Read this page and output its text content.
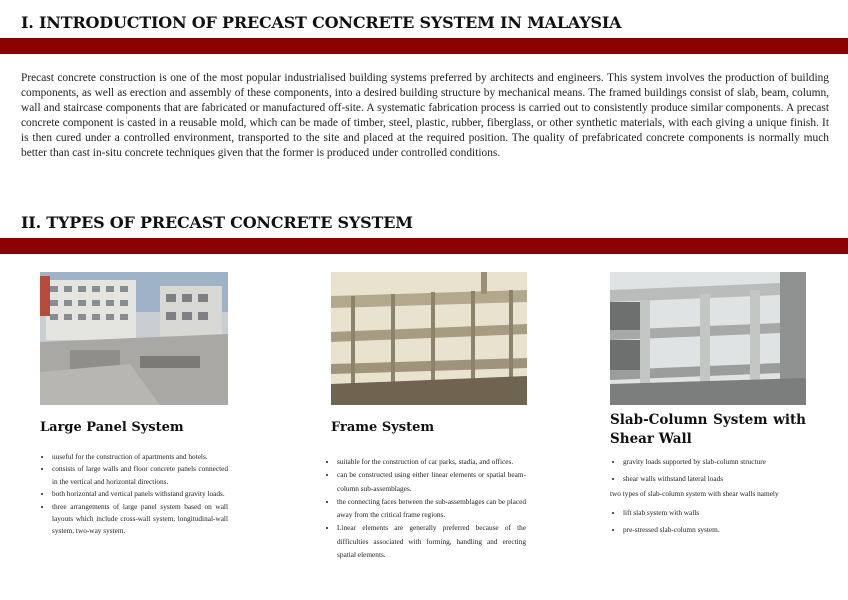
I. INTRODUCTION OF PRECAST CONCRETE SYSTEM IN MALAYSIA

Precast concrete construction is one of the most popular industrialised building systems preferred by architects and engineers. This system involves the production of building components, as well as erection and assembly of these components, into a desired building structure by mechanical means. The framed buildings consist of slab, beam, column, wall and staircase components that are fabricated or manufactured off-site. A systematic fabrication process is carried out to consistently produce similar components. A precast concrete component is casted in a reusable mold, which can be made of timber, steel, plastic, rubber, fiberglass, or other synthetic materials, with each giving a unique finish. It is then cured under a controlled environment, transported to the site and placed at the required position. The quality of prefabricated concrete components is normally much better than cast in-situ concrete techniques given that the former is produced under controlled conditions.

II. TYPES OF PRECAST CONCRETE SYSTEM
Large Panel System
• uuseful for the construction of apartments and hotels.
• consists of large walls and floor concrete panels connected in the vertical and horizontal directions.
• both horizontal and vertical panels withstand gravity loads.
• three arrangements of large panel system based on wall layouts which include cross-wall system, longitudinal-wall system, two-way system.
Frame System
• suitable for the construction of car parks, stadia, and offices.
• can be constructed using either linear elements or spatial beam-column sub-assemblages.
• the connecting faces between the sub-assemblages can be placed away from the critical frame regions.
• Linear elements are generally preferred because of the difficulties associated with forming, handling and erecting spatial elements.
Slab-Column System with
Shear Wall
• gravity loads supported by slab-column structure
• shear walls withstand lateral loads

two types of slab-column system with shear walls namely

• lift slab system with walls
• pre-stressed slab-column system.
